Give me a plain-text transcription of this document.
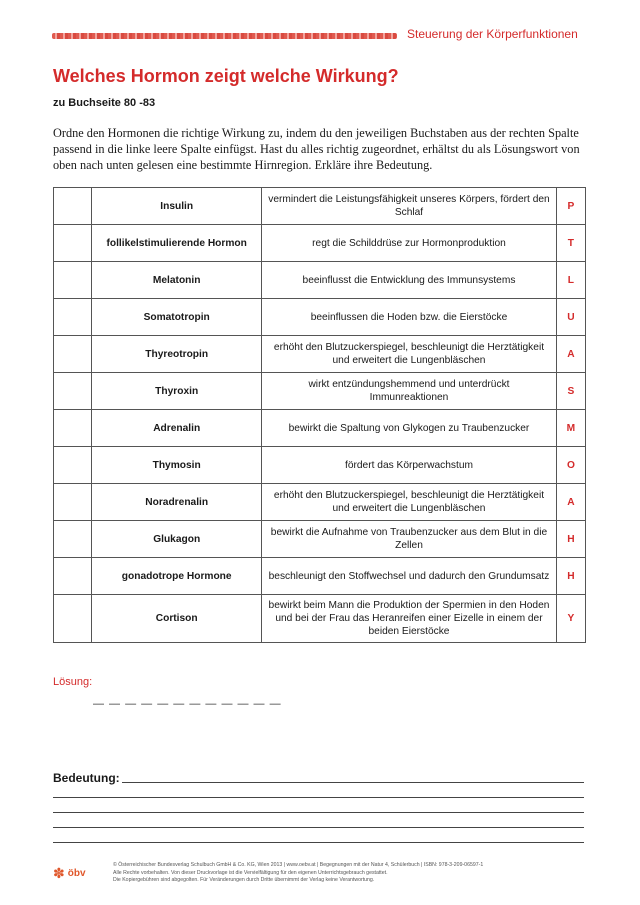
Steuerung der Körperfunktionen
Welches Hormon zeigt welche Wirkung?
zu Buchseite 80 -83
Ordne den Hormonen die richtige Wirkung zu, indem du den jeweiligen Buchstaben aus der rechten Spalte passend in die linke leere Spalte einfügst. Hast du alles richtig zugeordnet, erhältst du als Lösungswort von oben nach unten gelesen eine bestimmte Hirnregion. Erkläre ihre Bedeutung.
	Insulin	vermindert die Leistungsfähigkeit unseres Körpers, fördert den Schlaf	P
	follikelstimulierende Hormon	regt die Schilddrüse zur Hormonproduktion	T
	Melatonin	beeinflusst die Entwicklung des Immunsystems	L
	Somatotropin	beeinflussen die Hoden bzw. die Eierstöcke	U
	Thyreotropin	erhöht den Blutzuckerspiegel, beschleunigt die Herztätigkeit und erweitert die Lungenbläschen	A
	Thyroxin	wirkt entzündungshemmend und unterdrückt Immunreaktionen	S
	Adrenalin	bewirkt die Spaltung von Glykogen zu Traubenzucker	M
	Thymosin	fördert das Körperwachstum	O
	Noradrenalin	erhöht den Blutzuckerspiegel, beschleunigt die Herztätigkeit und erweitert die Lungenbläschen	A
	Glukagon	bewirkt die Aufnahme von Traubenzucker aus dem Blut in die Zellen	H
	gonadotrope Hormone	beschleunigt den Stoffwechsel und dadurch den Grundumsatz	H
	Cortison	bewirkt beim Mann die Produktion der Spermien in den Hoden und bei der Frau das Heranreifen einer Eizelle in einem der beiden Eierstöcke	Y
Lösung:
— — — — — — — — — — — —
Bedeutung:
✽ öbv
© Österreichischer Bundesverlag Schulbuch GmbH & Co. KG, Wien 2013 | www.oebv.at | Begegnungen mit der Natur 4, Schülerbuch | ISBN: 978-3-209-06597-1
Alle Rechte vorbehalten. Von dieser Druckvorlage ist die Vervielfältigung für den eigenen Unterrichtsgebrauch gestattet.
Die Kopiergebühren sind abgegolten. Für Veränderungen durch Dritte übernimmt der Verlag keine Verantwortung.
